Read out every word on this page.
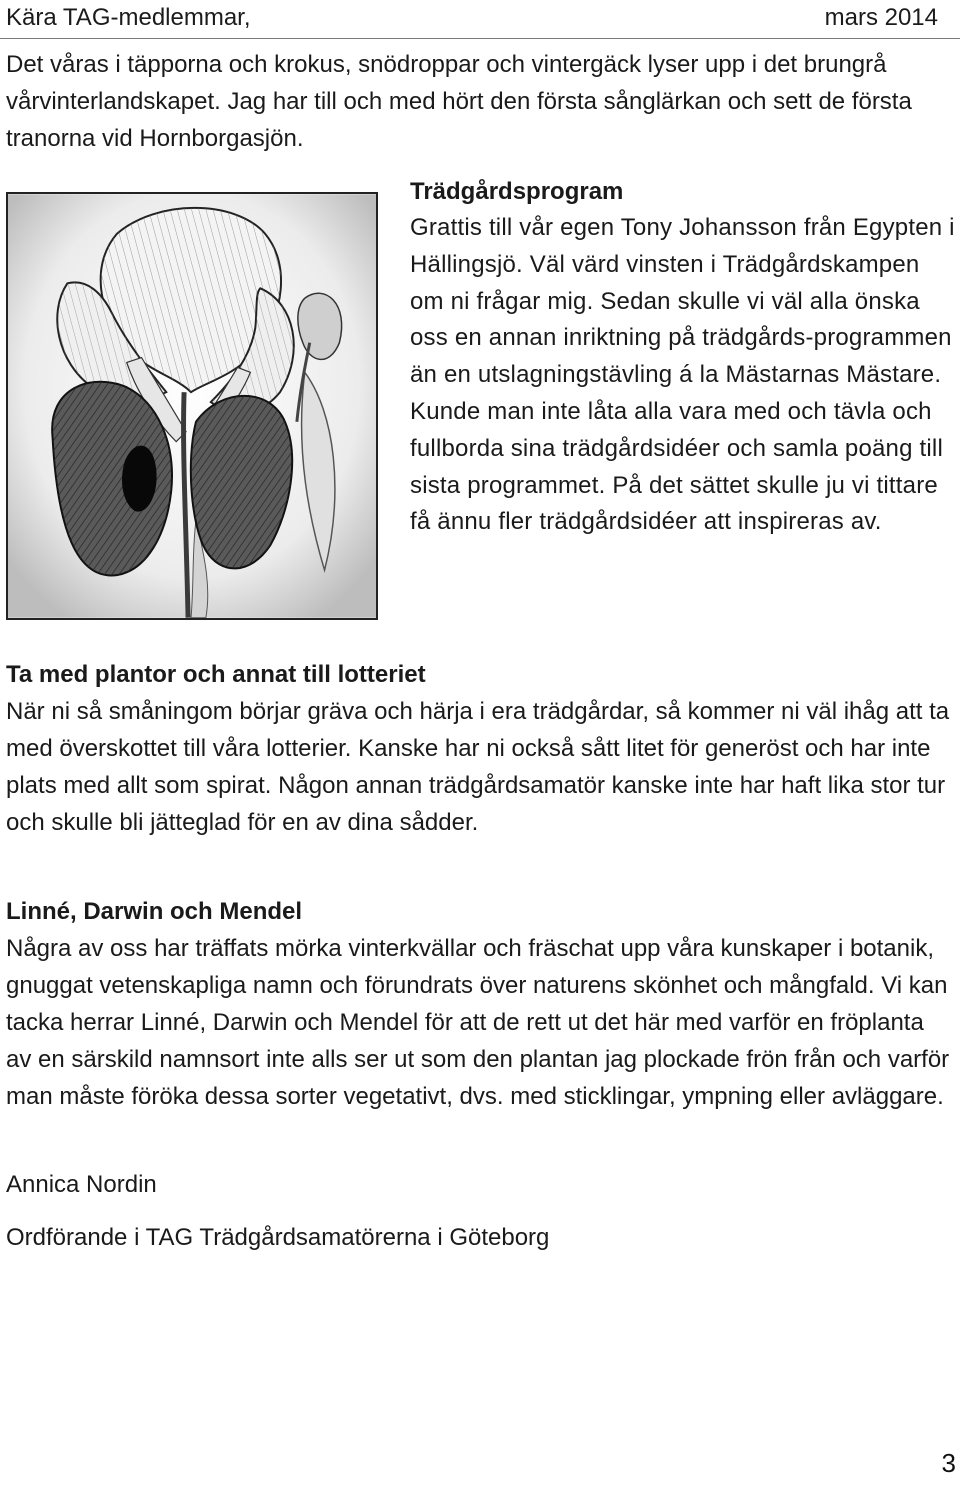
Kära TAG-medlemmar,	mars 2014
Det våras i täpporna och krokus, snödroppar och vintergäck lyser upp i det brungrå vårvinterlandskapet. Jag har till och med hört den första sånglärkan och sett de första tranorna vid Hornborgasjön.
Trädgårdsprogram
Grattis till vår egen Tony Johansson från Egypten i Hällingsjö. Väl värd vinsten i Trädgårdskampen om ni frågar mig. Sedan skulle vi väl alla önska oss en annan inriktning på trädgårds-programmen än en utslagningstävling á la Mästarnas Mästare. Kunde man inte låta alla vara med och tävla och fullborda sina trädgårdsidéer och samla poäng till sista programmet. På det sättet skulle ju vi tittare få ännu fler trädgårdsidéer att inspireras av.
Ta med plantor och annat till lotteriet
När ni så småningom börjar gräva och härja i era trädgårdar, så kommer ni väl ihåg att ta med överskottet till våra lotterier. Kanske har ni också sått litet för generöst och har inte plats med allt som spirat. Någon annan trädgårdsamatör kanske inte har haft lika stor tur och skulle bli jätteglad för en av dina sådder.
Linné, Darwin och Mendel
Några av oss har träffats mörka vinterkvällar och fräschat upp våra kunskaper i botanik, gnuggat vetenskapliga namn och förundrats över naturens skönhet och mångfald. Vi kan tacka herrar Linné, Darwin och Mendel för att de rett ut det här med varför en fröplanta av en särskild namnsort inte alls ser ut som den plantan jag plockade frön från och varför man måste föröka dessa sorter vegetativt, dvs. med sticklingar, ympning eller avläggare.
Annica Nordin
Ordförande i TAG Trädgårdsamatörerna i Göteborg
3
